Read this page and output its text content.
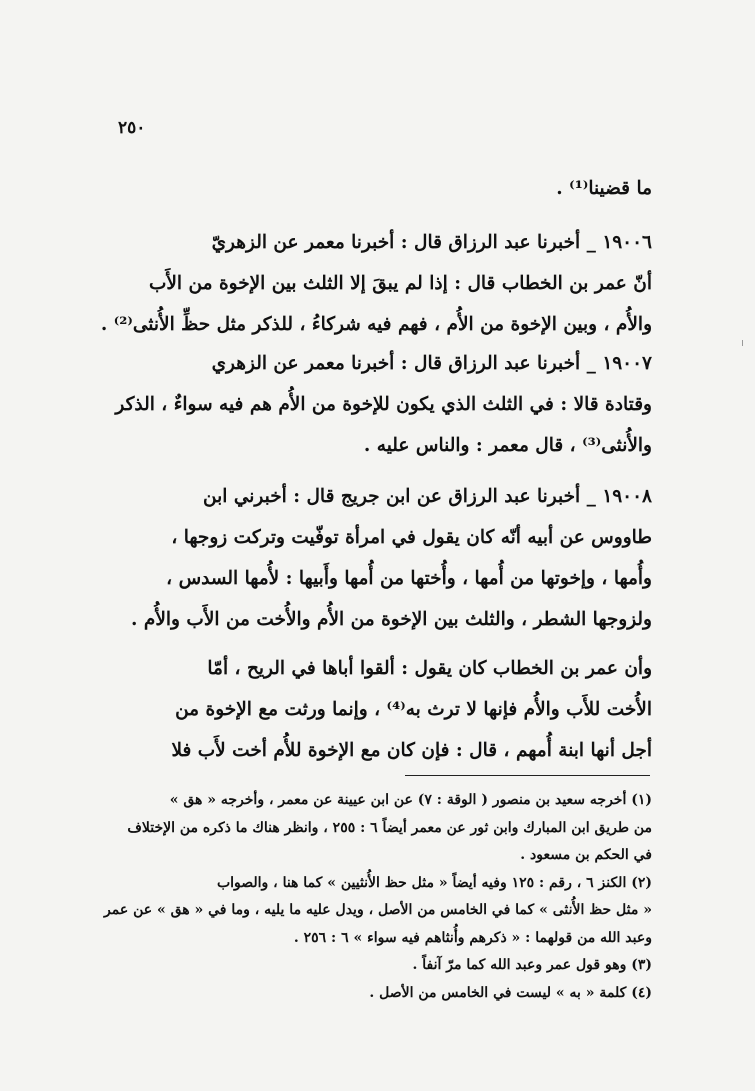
٢٥٠
ما قضينا⁽¹⁾ .
١٩٠٠٦ _ أخبرنا عبد الرزاق قال : أخبرنا معمر عن الزهريّ
أنّ عمر بن الخطاب قال : إذا لم يبقَ إلا الثلث بين الإخوة من الأَب
والأُم ، وبين الإخوة من الأُم ، فهم فيه شركاءُ ، للذكر مثل حظِّ الأُنثى⁽²⁾ .
١٩٠٠٧ _ أخبرنا عبد الرزاق قال : أخبرنا معمر عن الزهري
وقتادة قالا : في الثلث الذي يكون للإخوة من الأُم هم فيه سواءٌ ، الذكر
والأُنثى⁽³⁾ ، قال معمر : والناس عليه .
١٩٠٠٨ _ أخبرنا عبد الرزاق عن ابن جريج قال : أخبرني ابن
طاووس عن أبيه أنّه كان يقول في امرأة توفّيت وتركت زوجها ،
وأُمها ، وإخوتها من أُمها ، وأُختها من أُمها وأَبيها : لأُمها السدس ،
ولزوجها الشطر ، والثلث بين الإخوة من الأُم والأُخت من الأَب والأُم .
وأن عمر بن الخطاب كان يقول : ألقوا أباها في الريح ، أمّا
الأُخت للأَب والأُم فإنها لا ترث به⁽⁴⁾ ، وإنما ورثت مع الإخوة من
أجل أنها ابنة أُمهم ، قال : فإن كان مع الإخوة للأُم أخت لأَب فلا
(١) أخرجه سعيد بن منصور ( الوقة : ٧) عن ابن عيينة عن معمر ، وأخرجه « هق »
من طريق ابن المبارك وابن ثور عن معمر أيضاً ٦ : ٢٥٥ ، وانظر هناك ما ذكره من الإختلاف
في الحكم بن مسعود .
(٢) الكنز ٦ ، رقم : ١٢٥ وفيه أيضاً « مثل حظ الأُنثيين » كما هنا ، والصواب
« مثل حظ الأُنثى » كما في الخامس من الأصل ، ويدل عليه ما يليه ، وما في « هق » عن عمر
وعبد الله من قولهما : « ذكرهم وأُنثاهم فيه سواء » ٦ : ٢٥٦ .
(٣) وهو قول عمر وعبد الله كما مرّ آنفاً .
(٤) كلمة « به » ليست في الخامس من الأصل .
